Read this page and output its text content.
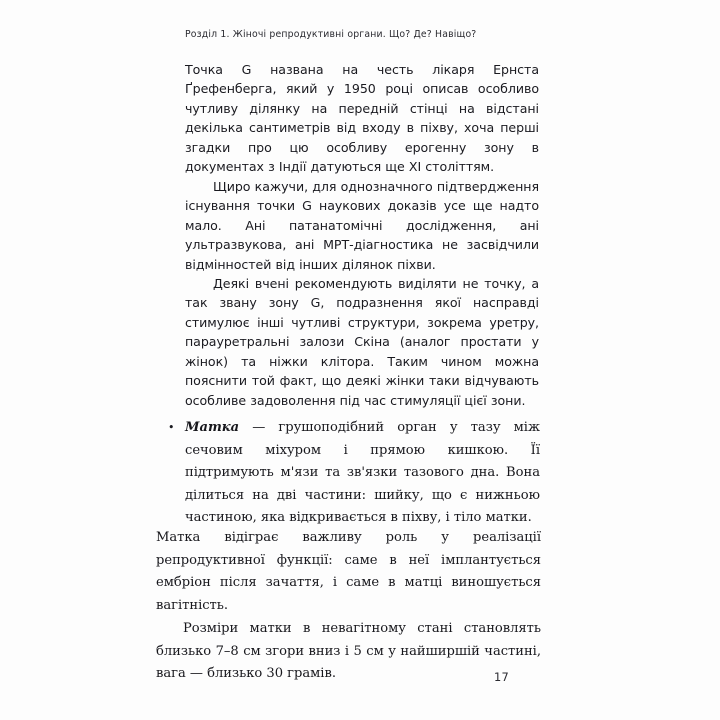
Розділ 1. Жіночі репродуктивні органи. Що? Де? Навіщо?

Точка G названа на честь лікаря Ернста Ґрефенберга, який у 1950 році описав особливо чутливу ділянку на передній стінці на відстані декілька сантиметрів від входу в піхву, хоча перші згадки про цю особливу ерогенну зону в документах з Індії датуються ще XI століттям.

Щиро кажучи, для однозначного підтвердження існування точки G наукових доказів усе ще надто мало. Ані патанатомічні дослідження, ані ультразвукова, ані МРТ-діагностика не засвідчили відмінностей від інших ділянок піхви.

Деякі вчені рекомендують виділяти не точку, а так звану зону G, подразнення якої насправді стимулює інші чутливі структури, зокрема уретру, парауретральні залози Скіна (аналог простати у жінок) та ніжки клітора. Таким чином можна пояснити той факт, що деякі жінки таки відчувають особливе задоволення під час стимуляції цієї зони.

• Матка — грушоподібний орган у тазу між сечовим міхуром і прямою кишкою. Її підтримують м'язи та зв'язки тазового дна. Вона ділиться на дві частини: шийку, що є нижньою частиною, яка відкривається в піхву, і тіло матки.

Матка відіграє важливу роль у реалізації репродуктивної функції: саме в неї імплантується ембріон після зачаття, і саме в матці виношується вагітність.

Розміри матки в невагітному стані становлять близько 7–8 см згори вниз і 5 см у найширшій частині, вага — близько 30 грамів.	17
